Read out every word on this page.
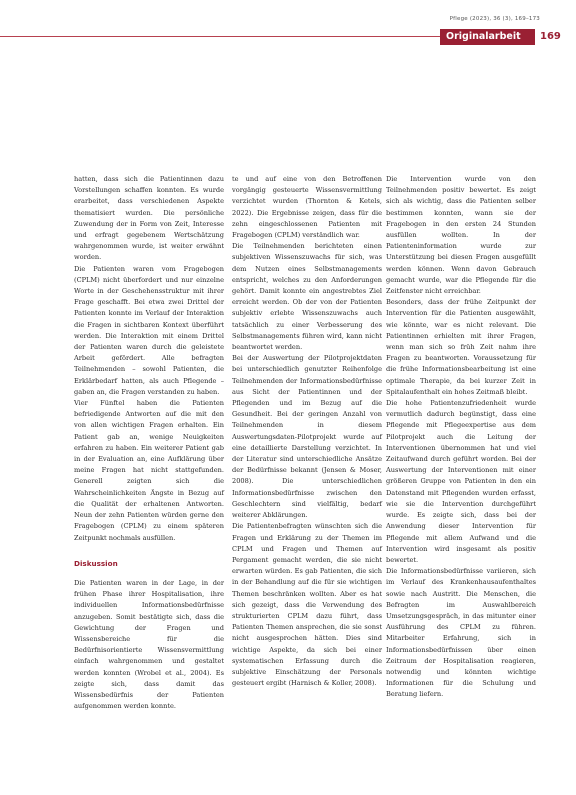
Pflege (2023), 36 (3), 169–173
Originalarbeit	169

hatten, dass sich die Patientinnen dazu Vorstellungen schaffen konnten. Es wurde erarbeitet, dass verschiedenen Aspekte thematisiert wurden. Die persönliche Zuwendung der in Form von Zeit, Interesse und erfragt gegebenem Wertschätzung wahrgenommen wurde, ist weiter erwähnt worden.

Die Patienten waren vom Fragebogen (CPLM) nicht überfordert und nur einzelne Worte in der Geschehensstruktur mit ihrer Frage geschafft. Bei etwa zwei Drittel der Patienten konnte im Verlauf der Interaktion die Fragen in sichtbaren Kontext überführt werden. Die Interaktion mit einem Drittel der Patienten waren durch die geleistete Arbeit gefördert. Alle befragten Teilnehmenden – sowohl Patienten, die Erklärbedarf hatten, als auch Pflegende – gaben an, die Fragen verstanden zu haben.

Vier Fünftel haben die Patienten befriedigende Antworten auf die mit den von allen wichtigen Fragen erhalten. Ein Patient gab an, wenige Neuigkeiten erfahren zu haben. Ein weiterer Patient gab in der Evaluation an, eine Aufklärung über meine Fragen hat nicht stattgefunden. Generell zeigten sich die Wahrscheinlichkeiten Ängste in Bezug auf die Qualität der erhaltenen Antworten. Neun der zehn Patienten würden gerne den Fragebogen (CPLM) zu einem späteren Zeitpunkt nochmals ausfüllen.

Diskussion

Die Patienten waren in der Lage, in der frühen Phase ihrer Hospitalisation, ihre individuellen Informationsbedürfnisse anzugeben. Somit bestätigte sich, dass die Gewichtung der Fragen und Wissensbereiche für die Bedürfnisorientierte Wissensvermittlung einfach wahrgenommen und gestaltet werden konnten (Wrobel et al., 2004). Es zeigte sich, dass damit das Wissensbedürfnis der Patienten aufgenommen werden konnte.

te und auf eine von den Betroffenen vorgängig gesteuerte Wissensvermittlung verzichtet wurden (Thornton & Ketels, 2022). Die Ergebnisse zeigen, dass für die zehn eingeschlossenen Patienten mit Fragebogen (CPLM) verständlich war.

Die Teilnehmenden berichteten einen subjektiven Wissenszuwachs für sich, was dem Nutzen eines Selbstmanagements entspricht, welches zu den Anforderungen gehört. Damit konnte ein angestrebtes Ziel erreicht werden. Ob der von der Patienten subjektiv erlebte Wissenszuwachs auch tatsächlich zu einer Verbesserung des Selbstmanagements führen wird, kann nicht beantwortet werden.

Bei der Auswertung der Pilotprojektdaten bei unterschiedlich genutzter Reihenfolge Teilnehmenden der Informationsbedürfnisse aus Sicht der Patientinnen und der Pflegenden und im Bezug auf die Gesundheit. Bei der geringen Anzahl von Teilnehmenden in diesem Auswertungsdaten-Pilotprojekt wurde auf eine detaillierte Darstellung verzichtet. In der Literatur sind unterschiedliche Ansätze der Bedürfnisse bekannt (Jensen & Moser, 2008). Die unterschiedlichen Informationsbedürfnisse zwischen den Geschlechtern sind vielfältig, bedarf weiterer Abklärungen.

Die Patientenbefragten wünschten sich die Fragen und Erklärung zu der Themen im CPLM und Fragen und Themen auf Pergament gemacht werden, die sie nicht erwarten würden. Es gab Patienten, die sich in der Behandlung auf die für sie wichtigen Themen beschränken wollten. Aber es hat sich gezeigt, dass die Verwendung des strukturierten CPLM dazu führt, dass Patienten Themen ansprechen, die sie sonst nicht ausgesprochen hätten. Dies sind wichtige Aspekte, da sich bei einer systematischen Erfassung durch die subjektive Einschätzung der Personals gesteuert ergibt (Harnisch & Koller, 2008).

Die Intervention wurde von den Teilnehmenden positiv bewertet. Es zeigt sich als wichtig, dass die Patienten selber bestimmen konnten, wann sie der Fragebogen in den ersten 24 Stunden ausfüllen wollten. In der Patienteninformation wurde zur Unterstützung bei diesen Fragen ausgefüllt werden können. Wenn davon Gebrauch gemacht wurde, war die Pflegende für die Zeitfenster nicht erreichbar.

Besonders, dass der frühe Zeitpunkt der Intervention für die Patienten ausgewählt, wie könnte, war es nicht relevant. Die Patientinnen erhielten mit ihrer Fragen, wenn man sich so früh Zeit nahm ihre Fragen zu beantworten. Voraussetzung für die frühe Informationsbearbeitung ist eine optimale Therapie, da bei kurzer Zeit in Spitalaufenthalt ein hohes Zeitmaß bleibt.

Die hohe Patientenzufriedenheit wurde vermutlich dadurch begünstigt, dass eine Pflegende mit Pflegeexpertise aus dem Pilotprojekt auch die Leitung der Interventionen übernommen hat und viel Zeitaufwand durch geführt worden. Bei der Auswertung der Interventionen mit einer größeren Gruppe von Patienten in den ein Datenstand mit Pflegenden wurden erfasst, wie sie die Intervention durchgeführt wurde. Es zeigte sich, dass bei der Anwendung dieser Intervention für Pflegende mit allem Aufwand und die Intervention wird insgesamt als positiv bewertet.

Die Informationsbedürfnisse variieren, sich im Verlauf des Krankenhausaufenthaltes sowie nach Austritt. Die Menschen, die Befragten im Auswahlbereich Umsetzungsgespräch, in das mitunter einer Ausführung des CPLM zu führen. Mitarbeiter Erfahrung, sich in Informationsbedürfnissen über einen Zeitraum der Hospitalisation reagieren, notwendig und könnten wichtige Informationen für die Schulung und Beratung liefern.
